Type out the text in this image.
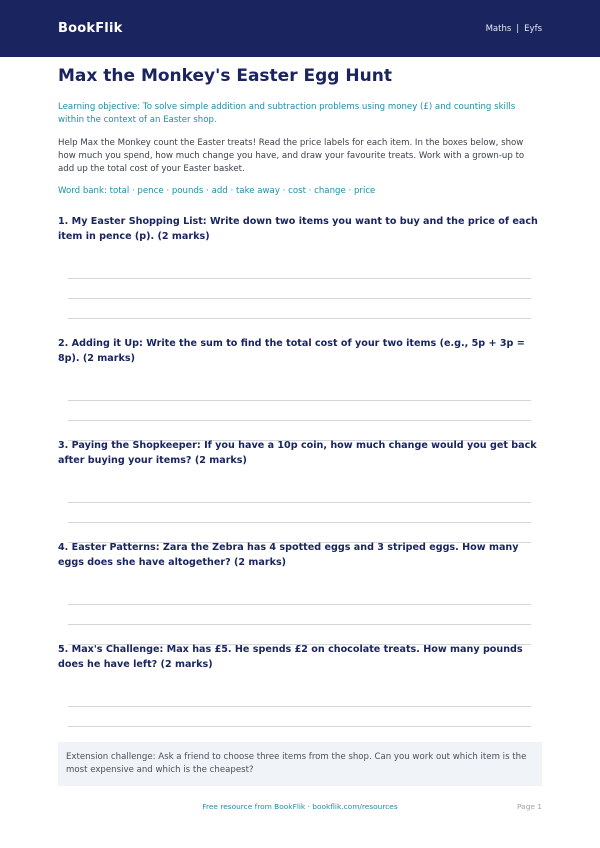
BookFlik	Maths | Eyfs
Max the Monkey's Easter Egg Hunt
Learning objective: To solve simple addition and subtraction problems using money (£) and counting skills within the context of an Easter shop.
Help Max the Monkey count the Easter treats! Read the price labels for each item. In the boxes below, show how much you spend, how much change you have, and draw your favourite treats. Work with a grown-up to add up the total cost of your Easter basket.
Word bank: total · pence · pounds · add · take away · cost · change · price
1. My Easter Shopping List: Write down two items you want to buy and the price of each item in pence (p). (2 marks)
2. Adding it Up: Write the sum to find the total cost of your two items (e.g., 5p + 3p = 8p). (2 marks)
3. Paying the Shopkeeper: If you have a 10p coin, how much change would you get back after buying your items? (2 marks)
4. Easter Patterns: Zara the Zebra has 4 spotted eggs and 3 striped eggs. How many eggs does she have altogether? (2 marks)
5. Max's Challenge: Max has £5. He spends £2 on chocolate treats. How many pounds does he have left? (2 marks)
Extension challenge: Ask a friend to choose three items from the shop. Can you work out which item is the most expensive and which is the cheapest?
Free resource from BookFlik · bookflik.com/resources	Page 1
